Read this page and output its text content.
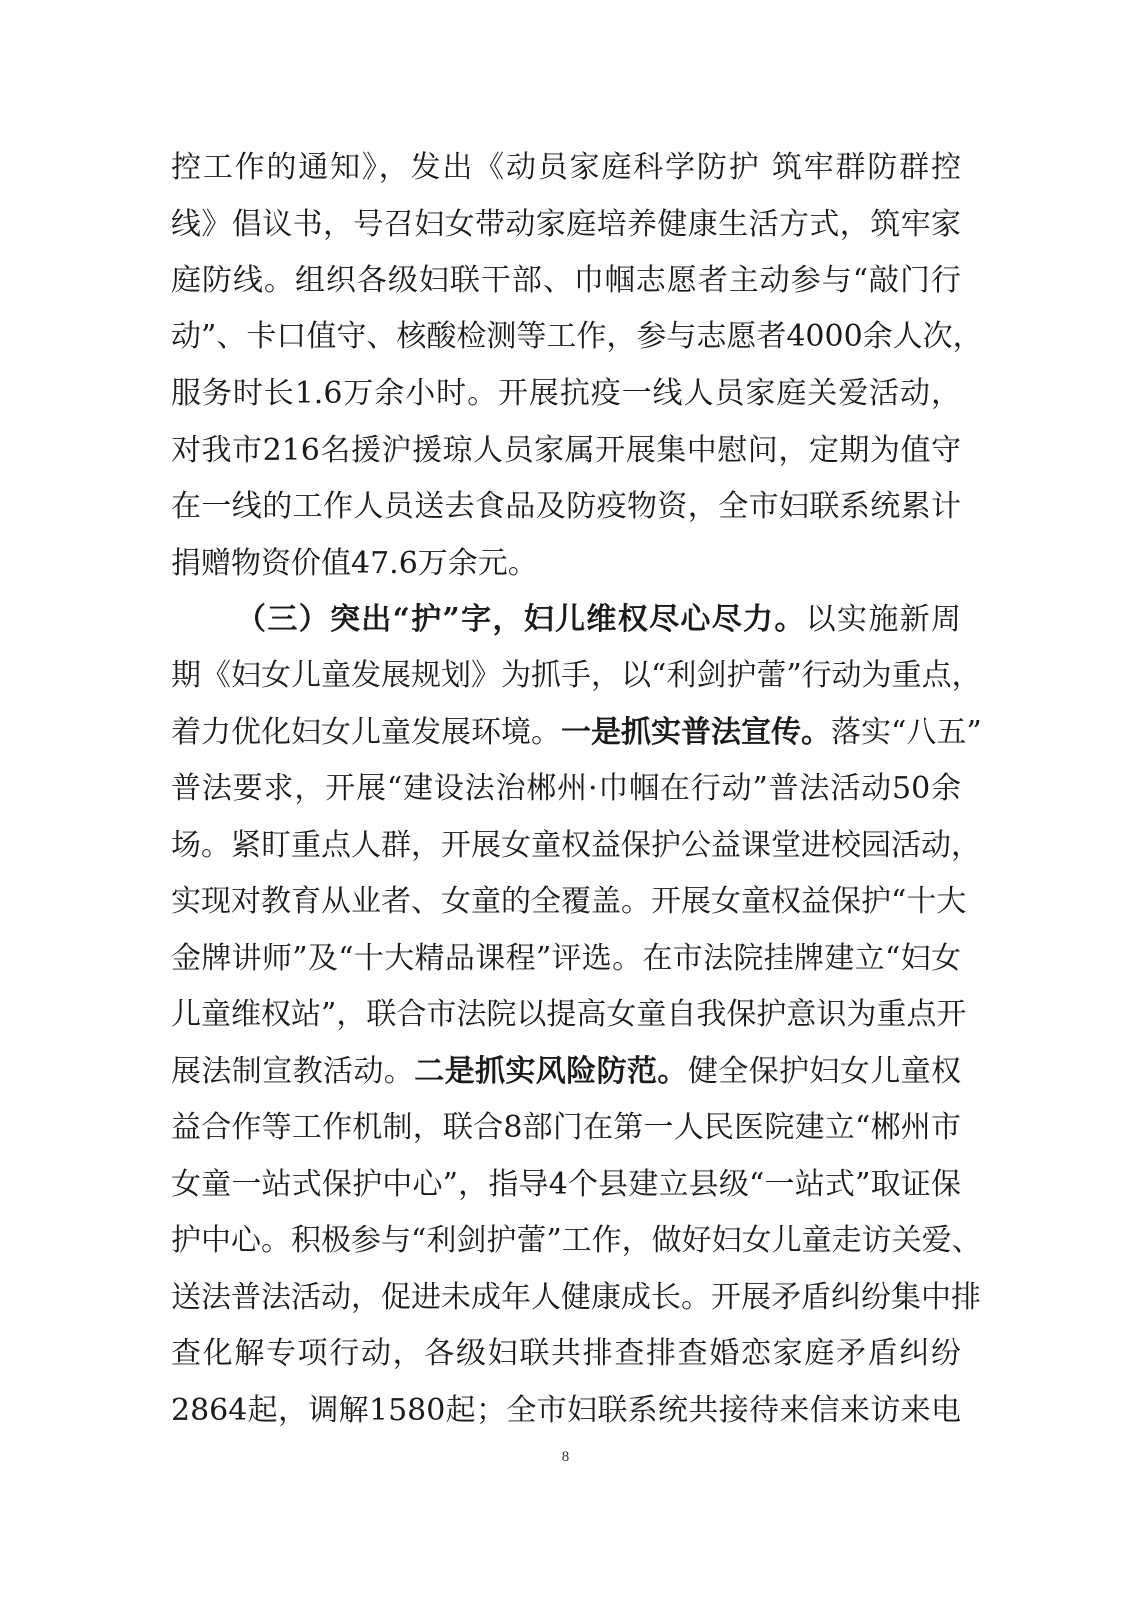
控工作的通知》，发出《动员家庭科学防护 筑牢群防群控
线》倡议书，号召妇女带动家庭培养健康生活方式，筑牢家
庭防线。组织各级妇联干部、巾帼志愿者主动参与“敲门行
动”、卡口值守、核酸检测等工作，参与志愿者4000余人次，
服务时长1.6万余小时。开展抗疫一线人员家庭关爱活动，
对我市216名援沪援琼人员家属开展集中慰问，定期为值守
在一线的工作人员送去食品及防疫物资，全市妇联系统累计
捐赠物资价值47.6万余元。
（三）突出“护”字，妇儿维权尽心尽力。以实施新周
期《妇女儿童发展规划》为抓手，以“利剑护蕾”行动为重点，
着力优化妇女儿童发展环境。一是抓实普法宣传。落实“八五”
普法要求，开展“建设法治郴州·巾帼在行动”普法活动50余
场。紧盯重点人群，开展女童权益保护公益课堂进校园活动，
实现对教育从业者、女童的全覆盖。开展女童权益保护“十大
金牌讲师”及“十大精品课程”评选。在市法院挂牌建立“妇女
儿童维权站”，联合市法院以提高女童自我保护意识为重点开
展法制宣教活动。二是抓实风险防范。健全保护妇女儿童权
益合作等工作机制，联合8部门在第一人民医院建立“郴州市
女童一站式保护中心”，指导4个县建立县级“一站式”取证保
护中心。积极参与“利剑护蕾”工作，做好妇女儿童走访关爱、
送法普法活动，促进未成年人健康成长。开展矛盾纠纷集中排
查化解专项行动，各级妇联共排查排查婚恋家庭矛盾纠纷
2864起，调解1580起；全市妇联系统共接待来信来访来电
8
